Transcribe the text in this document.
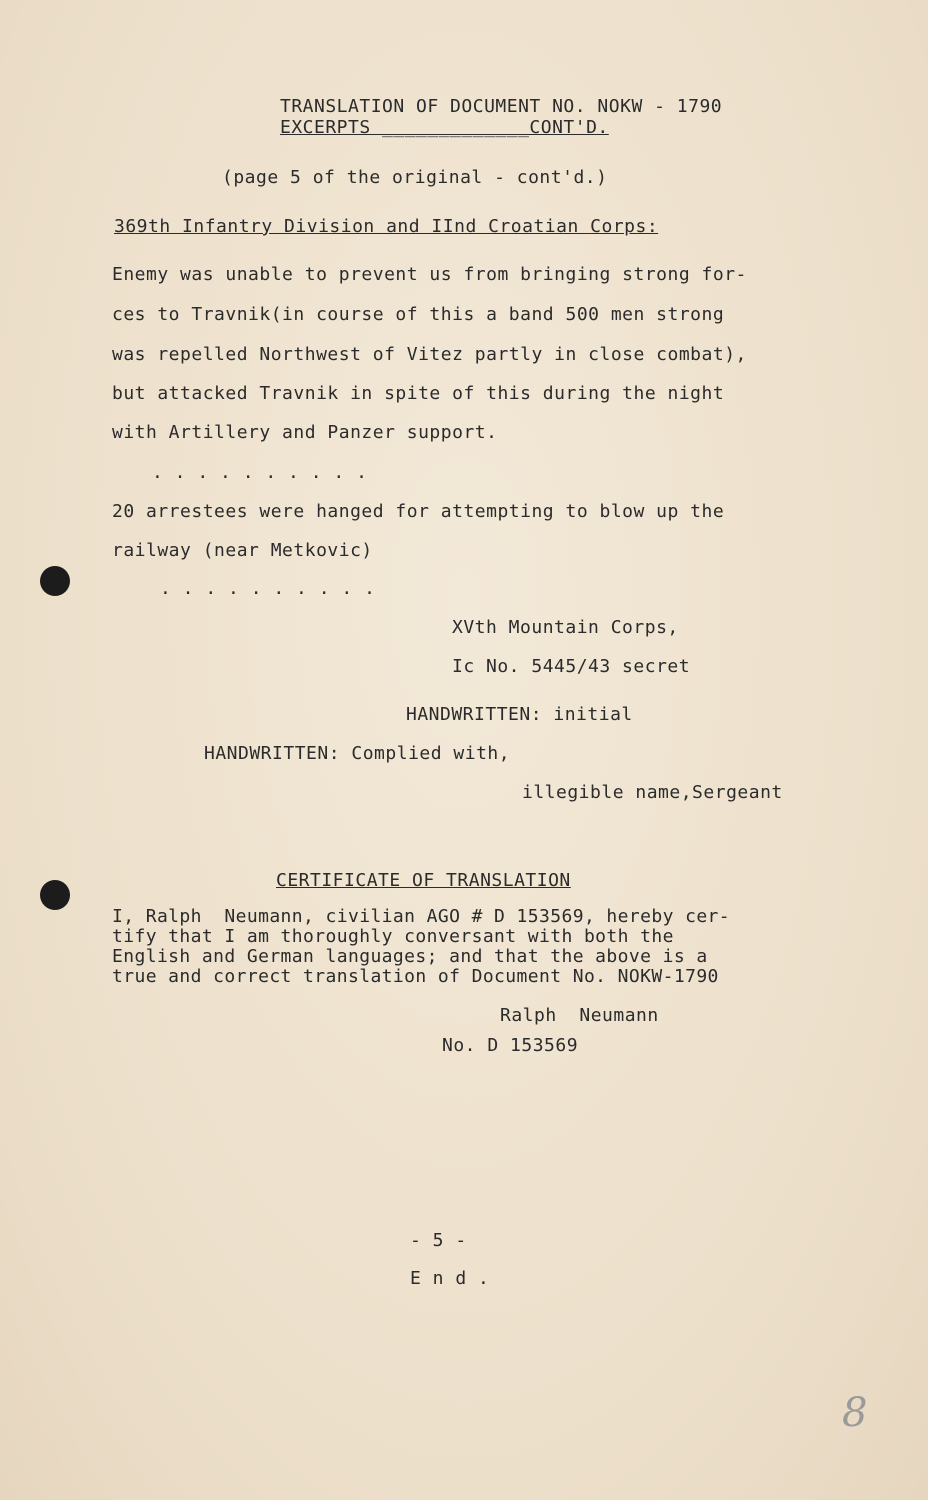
TRANSLATION OF DOCUMENT NO. NOKW - 1790
EXCERPTS _____________CONT'D.
(page 5 of the original - cont'd.)
369th Infantry Division and IInd Croatian Corps:
Enemy was unable to prevent us from bringing strong for-
ces to Travnik(in course of this a band 500 men strong
was repelled Northwest of Vitez partly in close combat),
but attacked Travnik in spite of this during the night
with Artillery and Panzer support.
. . . . . . . . . .
20 arrestees were hanged for attempting to blow up the
railway (near Metkovic)
. . . . . . . . . .
XVth Mountain Corps,
Ic No. 5445/43 secret
HANDWRITTEN: initial
HANDWRITTEN: Complied with,
illegible name,Sergeant
CERTIFICATE OF TRANSLATION
I, Ralph  Neumann, civilian AGO # D 153569, hereby cer-
tify that I am thoroughly conversant with both the
English and German languages; and that the above is a
true and correct translation of Document No. NOKW-1790
Ralph  Neumann
No. D 153569
- 5 -
E n d .
8
